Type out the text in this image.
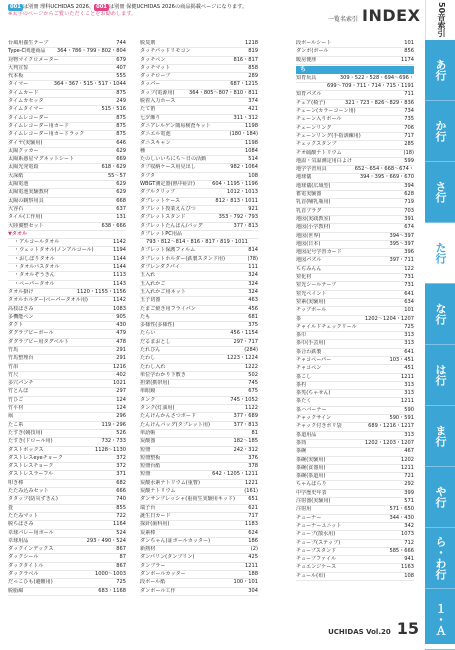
001 は別冊 理科UCHIDAS 2026、 001 は別冊 保健UCHIDAS 2026の商品掲載ページになります。
※太字のページからご覧いただくことをお勧めします。
一覧名索引 INDEX
台風用養生テープ	744
Type-C関連商品 364・786・799・802・804
対物マイクロメーター	679
大判宣誓	407
代本板	555
タイマー	364・367・515・517・1044
タイムカード	875
タイムカセッタ	249
タイムタイマー	515・516
タイムレコーダー	875
タイムレコーダー用カード	875
タイムレコーダー用カードラック	875
ダイヤ(実験用)	646
太陽クッカー	629
太陽系惑星マグネットシート	669
太陽光発電鉛	618・629
大深紙	55〜57
太陽電池	629
太陽電池実験教材	629
太陽の観察用具	668
大容石	637
タイル(工作用)	131
大陸翼整セット	638・666
▼タオル
・アルコールタオル	1142
・ウェットタオル(ノンアルコール)	1194
・おしぼりタオル	1144
・タオルバスタオル	1144
・タオルぞうきん	1113
・ペーパータオル	1143
タオル掛け	1120・1155・1156
タオルホルダー(ペーパータオル用)	1142
高枝ばさみ	1083
多機能ペン	905
ダクト	430
ダグラブビーボール	479
ダグラブビー用タグベルト	478
竹馬	291
竹馬整理台	291
竹串	1216
竹尺	402
多穴パンチ	1021
竹とんぼ	297
竹ひご	124
竹平材	124
凧	296
たこ糸	119・296
たすき(競技用)	526
たすき(ドロール用)	732・733
ダストボックス	1128〜1130
ダストレスeyeチョーク	372
ダストレスチョーク	372
ダストレスラーフル	371
叩き棒	682
たたみ込みセット	666
タタップ(防災ずきん)	740
畳	855
たたみマット	722
脱ちばさみ	1164
卓球バレー用ボール	524
卓球用品	293・490・524
ダックインデックス	867
ダックシール	87
ダックタイトル	867
ダックラベル	1000〜1003
だっこひも(避難用)	725
脱脂綿	683・1168
脱臭剤	1218
タッチパッドリモコン	819
タッチペン	816・817
タッチマット	858
ダッチローブ	289
タッパー	687・1215
タップ(電源用)	364・805〜807・810・811
脱着入力ホース	374
たて笛	421
七夕飾り	311・312
ダニアレルゲン簡易検査キット	1198
ダニエル電池	(180・184)
ダニスキャン	1198
種	1084
たのしいいちにち〜日の活動	514
タブ収納ケース用見出し	982・1064
タブタ	108
WBGT測定器(熱中症計)	604・1195・1196
ダブルクリップ	1012・1013
ダブレットケース	812・813・1011
タブレット授業えんぴつ	921
ダブレットスタンド	353・792・793
タブレットたんばん/バッグ	377・813
タブレットPC用品
793・812〜814・816・817・819・1011
タブレット保護フィルム	814
タブレットホルダー(鉄製スタンド用)	(78)
ダブレンダクパイ	111
玉入れ	324
玉入れかご	324
玉入れかご用ネット	324
玉子切器	463
たまご焼き用フライパン	456
たも	681
多様性(多様性)	375
たらい	456・1154
だるまおとし	297・717
たれびん	(284)
たわし	1223・1224
たわし入れ	1222
単位学わかり下敷き	502
担架(携帯用)	745
単眼鏡	675
タンク	745・1052
タンク(灯油用)	1122
たんけんかんさつボード	377・689
たんけんバッグ(タブレット用)	377・813
単語帳	81
炭酸器	182〜185
短冊	242・312
短冊整板	376
短冊台紙	378
短冊	642・1205・1211
炭酸水素ナトリウム(重曹)	1221
炭酸ナトリウム	(161)
ダンサンプレッシャ(重荷生実験用キッド)	651
端子台	621
誕生日カード	717
探針(歯科用)	1183
炭素棒	624
ダンちゃん(証ボールカッター)	186
新熱材	(2)
ダンパリン(タンプリン)	425
タンブラー	1211
ダンボールカッター	188
段ボール紙	100・101
ダンボール工作	304
段ボールシート	101
ダンボ(ボール	856
暖房便座	1174
ち
知育玩具	309・522・528・694〜696・
699〜709・711・714・715・1191
知育パズル	711
チェア(椅子)	321・723・826〜829・836
チェーン(カラーコーン用)	734
チェーン入りボール	735
チェーンリング	706
チェーンリング(手指訓練用)	717
チェックスタンプ	285
チオ硫酸ナトリウム	(18)
地温・気温測定用白よけ	599
地学学習用具	652〜654・668〜674・
地球儀	394・395・669・670
地球儀(広域型)	394
蓄電実験器	628
乳首(哺乳瓶用)	719
乳首プラグ	703
地図(実践教室)	391
地図(小学教材)	674
地図(世界)	394〜397
地図(日本)	395〜397
地図記号学習カード	396
地図パズル	397・711
ちぢみんん	122
窒化材	731
窒光シールテープ	731
窒光ペイント	641
窒素(実験用)	634
チップボール	101
茶	1202〜1204・1207
チャイルドチェックリール	725
茶巾	313
茶巾(手芸用)	313
茶合わ鉄製	641
チャコペーパー	103・451
チャコペン	451
茶こし	1211
茶杓	313
茶筅(ちゃせん)	313
茶たく	1211
茶ハバーナー	590
チャックサイン	590・591
チャック付きポリ袋	689・1216・1217
茶道用品	313
茶筒	1202・1203・1207
茶碗	467
茶碗(実験用)	1202
茶碗(食器用)	1211
茶碗(茶道用)	721
ちゃんばらり	292
中学歴史年表	399
注射器(実験用)	571
注射用	571・650
チューナー	344・430
チューナーユニット	342
チューブ(散水用)	1073
チューブ(ステップ)	712
チューブスタンド	585・666
チューブファイル	941
チュエンジケース	1163
チュール(布)	108
50音索引
あ行
か行
さ行
た行
な行
は行
ま行
や行
ら・わ行
１・Ａ
UCHIDAS Vol.20 15
